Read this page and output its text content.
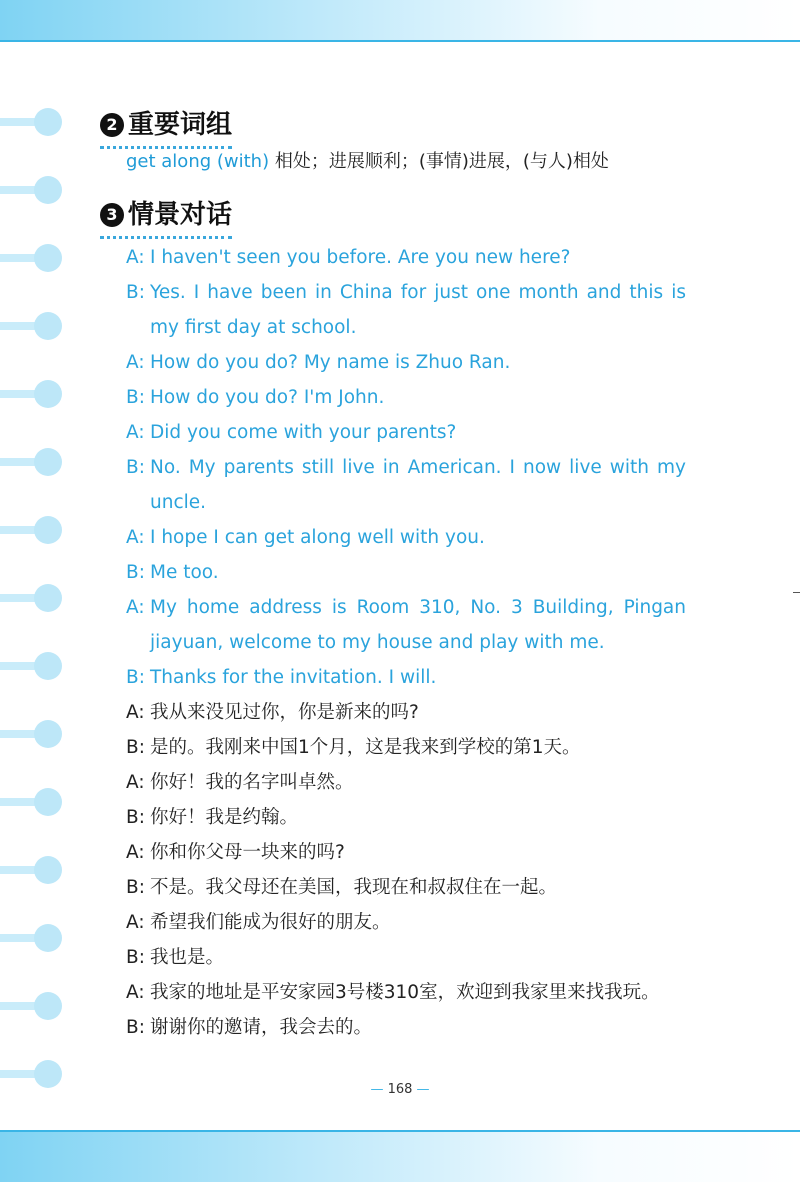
2 重要词组
get along (with) 相处；进展顺利；(事情)进展，(与人)相处
3 情景对话
A: I haven't seen you before. Are you new here?
B: Yes. I have been in China for just one month and this is my first day at school.
A: How do you do? My name is Zhuo Ran.
B: How do you do? I'm John.
A: Did you come with your parents?
B: No. My parents still live in American. I now live with my uncle.
A: I hope I can get along well with you.
B: Me too.
A: My home address is Room 310, No. 3 Building, Pingan jiayuan, welcome to my house and play with me.
B: Thanks for the invitation. I will.
A: 我从来没见过你，你是新来的吗?
B: 是的。我刚来中国1个月，这是我来到学校的第1天。
A: 你好！我的名字叫卓然。
B: 你好！我是约翰。
A: 你和你父母一块来的吗?
B: 不是。我父母还在美国，我现在和叔叔住在一起。
A: 希望我们能成为很好的朋友。
B: 我也是。
A: 我家的地址是平安家园3号楼310室，欢迎到我家里来找我玩。
B: 谢谢你的邀请，我会去的。
— 168 —
